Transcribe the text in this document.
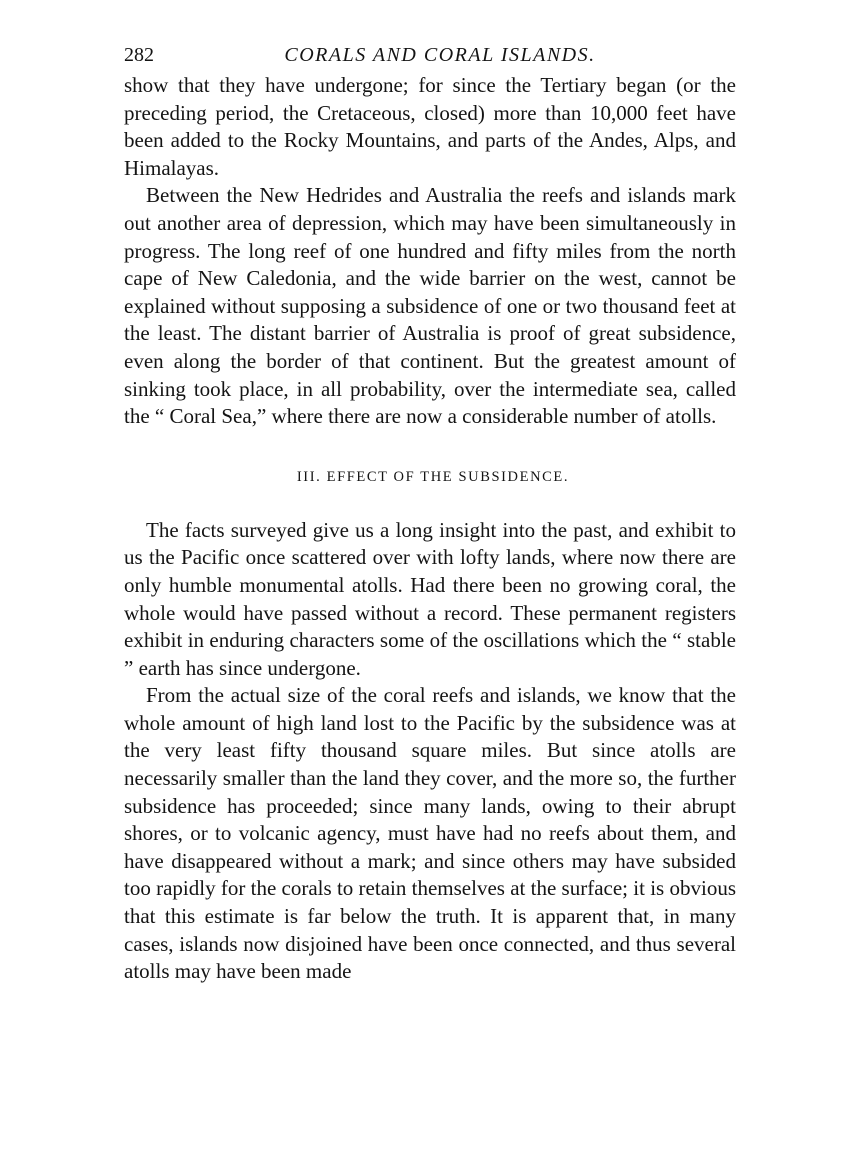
282	CORALS AND CORAL ISLANDS.

show that they have undergone; for since the Tertiary began (or the preceding period, the Cretaceous, closed) more than 10,000 feet have been added to the Rocky Mountains, and parts of the Andes, Alps, and Himalayas.

Between the New Hedrides and Australia the reefs and islands mark out another area of depression, which may have been simultaneously in progress. The long reef of one hundred and fifty miles from the north cape of New Caledonia, and the wide barrier on the west, cannot be explained without supposing a subsidence of one or two thousand feet at the least. The distant barrier of Australia is proof of great subsidence, even along the border of that continent. But the greatest amount of sinking took place, in all probability, over the intermediate sea, called the “ Coral Sea,” where there are now a considerable number of atolls.

III. EFFECT OF THE SUBSIDENCE.

The facts surveyed give us a long insight into the past, and exhibit to us the Pacific once scattered over with lofty lands, where now there are only humble monumental atolls. Had there been no growing coral, the whole would have passed without a record. These permanent registers exhibit in enduring characters some of the oscillations which the “ stable ” earth has since undergone.

From the actual size of the coral reefs and islands, we know that the whole amount of high land lost to the Pacific by the subsidence was at the very least fifty thousand square miles. But since atolls are necessarily smaller than the land they cover, and the more so, the further subsidence has proceeded; since many lands, owing to their abrupt shores, or to volcanic agency, must have had no reefs about them, and have disappeared without a mark; and since others may have subsided too rapidly for the corals to retain themselves at the surface; it is obvious that this estimate is far below the truth. It is apparent that, in many cases, islands now disjoined have been once connected, and thus several atolls may have been made
